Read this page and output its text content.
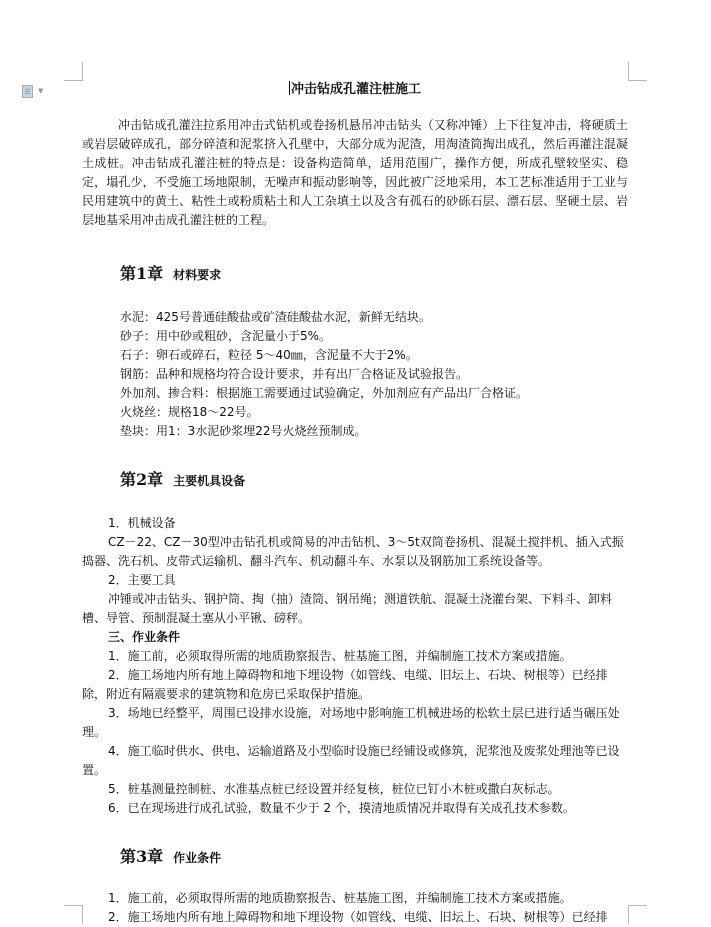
▼	冲击钻成孔灌注桩施工

冲击钻成孔灌注拉系用冲击式钻机或卷扬机悬吊冲击钻头（又称冲锤）上下往复冲击，将硬质土或岩层破碎成孔，部分碎渣和泥浆挤入孔壁中，大部分成为泥渣，用淘渣筒掏出成孔，然后再灌注混凝土成桩。冲击钻成孔灌注桩的特点是：设备构造简单，适用范围广，操作方便，所成孔壁较坚实、稳定，塌孔少，不受施工场地限制，无噪声和振动影响等，因此被广泛地采用，本工艺标准适用于工业与民用建筑中的黄土、粘性土或粉质粘土和人工杂填土以及含有孤石的砂砾石层、漂石层、坚硬土层、岩层地基采用冲击成孔灌注桩的工程。

第1章 材料要求

水泥：425号普通硅酸盐或矿渣硅酸盐水泥，新鲜无结块。

砂子：用中砂或粗砂，含泥量小于5%。

石子：卵石或碎石，粒径 5～40㎜，含泥量不大于2%。

钢筋：品种和规格均符合设计要求，并有出厂合格证及试验报告。

外加剂、掺合料：根据施工需要通过试验确定，外加剂应有产品出厂合格证。

火烧丝：规格18～22号。

垫块：用1：3水泥砂浆埋22号火烧丝预制成。

第2章 主要机具设备

1．机械设备

CZ－22、CZ－30型冲击钻孔机或简易的冲击钻机、3～5t双筒卷扬机、混凝土搅拌机、插入式振捣器、洗石机、皮带式运输机、翻斗汽车、机动翻斗车、水泵以及钢筋加工系统设备等。

2．主要工具

冲锤或冲击钻头、钢护筒、掏（抽）渣筒、钢吊绳；测道铁航、混凝土浇灌台架、下料斗、卸料槽、导管、预制混凝土塞从小平锹、磅秤。

三、作业条件

1．施工前，必须取得所需的地质勘察报告、桩基施工图，并编制施工技术方案或措施。

2．施工场地内所有地上障碍物和地下埋设物（如管线、电缆、旧坛上、石块、树根等）已经排除，附近有隔震要求的建筑物和危房已采取保护措施。

3．场地已经整平，周围已设排水设施，对场地中影响施工机械进场的松软土层已进行适当碾压处理。

4．施工临时供水、供电、运输道路及小型临时设施已经铺设或修筑，泥浆池及废浆处理池等已设置。

5．桩基测量控制桩、水准基点桩已经设置并经复核，桩位已钉小木桩或撒白灰标志。

6．已在现场进行成孔试验，数量不少于 2 个，摸清地质情况并取得有关成孔技术参数。

第3章 作业条件

1．施工前，必须取得所需的地质勘察报告、桩基施工图，并编制施工技术方案或措施。

2．施工场地内所有地上障碍物和地下埋设物（如管线、电缆、旧坛上、石块、树根等）已经排
